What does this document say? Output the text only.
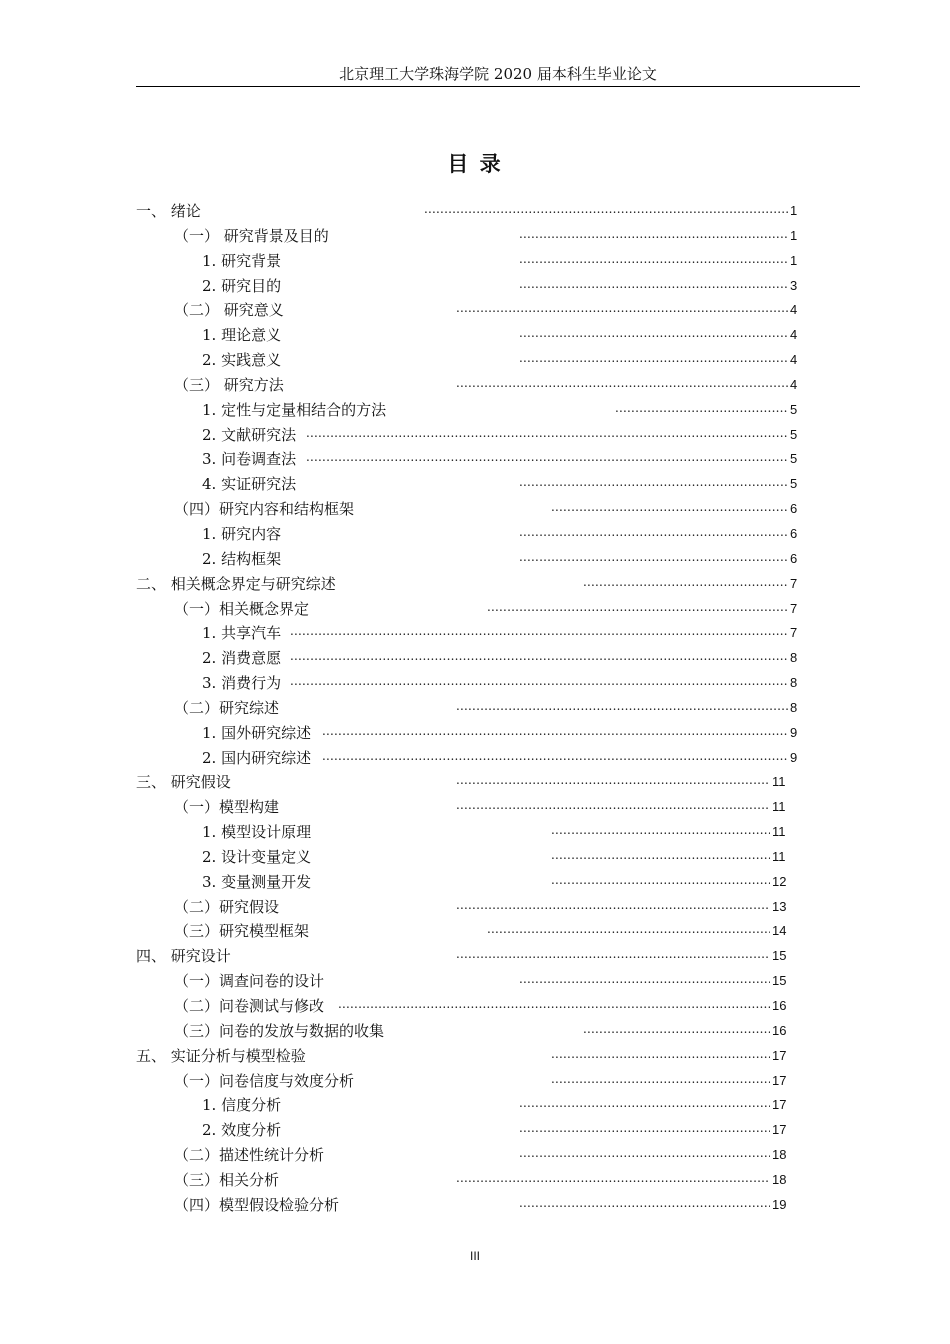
北京理工大学珠海学院 2020 届本科生毕业论文
目 录
一、 绪论 .....	1
（一） 研究背景及目的 .....	1
1. 研究背景 .....	1
2. 研究目的 .....	3
（二） 研究意义 .....	4
1. 理论意义 .....	4
2. 实践意义 .....	4
（三） 研究方法 .....	4
1. 定性与定量相结合的方法 .....	5
2. 文献研究法 .....	5
3. 问卷调查法 .....	5
4. 实证研究法 .....	5
（四）研究内容和结构框架 .....	6
1. 研究内容 .....	6
2. 结构框架 .....	6
二、 相关概念界定与研究综述 .....	7
（一）相关概念界定 .....	7
1. 共享汽车 .....	7
2. 消费意愿 .....	8
3. 消费行为 .....	8
（二）研究综述 .....	8
1. 国外研究综述 .....	9
2. 国内研究综述 .....	9
三、 研究假设 .....	11
（一）模型构建 .....	11
1. 模型设计原理 .....	11
2. 设计变量定义 .....	11
3. 变量测量开发 .....	12
（二）研究假设 .....	13
（三）研究模型框架 .....	14
四、 研究设计 .....	15
（一）调查问卷的设计 .....	15
（二）问卷测试与修改 .....	16
（三）问卷的发放与数据的收集 .....	16
五、 实证分析与模型检验 .....	17
（一）问卷信度与效度分析 .....	17
1. 信度分析 .....	17
2. 效度分析 .....	17
（二）描述性统计分析 .....	18
（三）相关分析 .....	18
（四）模型假设检验分析 .....	19
III
